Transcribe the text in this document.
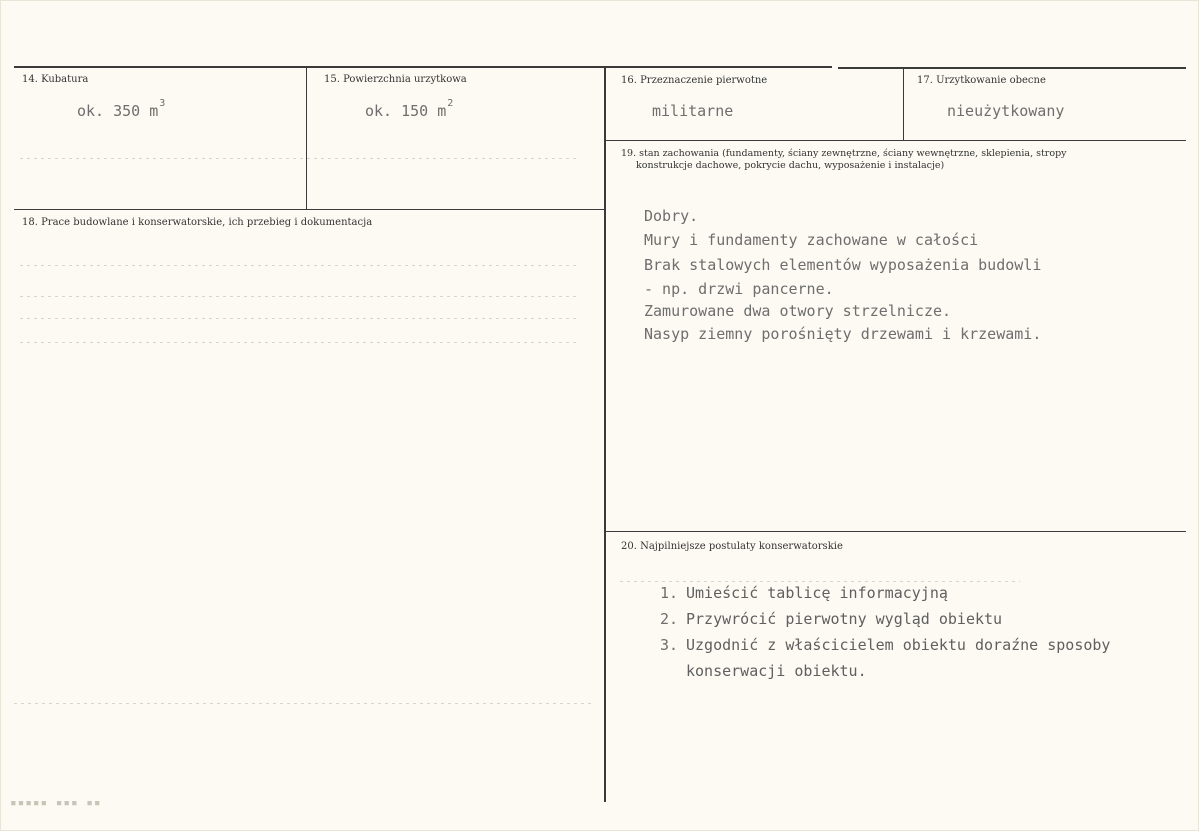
▪▪▪▪▪ ▪▪▪ ▪▪
14. Kubatura
ok. 350 $m^3$
15. Powierzchnia urzytkowa
ok. 150 $m^2$
16. Przeznaczenie pierwotne
militarne
17. Urzytkowanie obecne
nieużytkowany
18. Prace budowlane i konserwatorskie, ich przebieg i dokumentacja
19. stan zachowania (fundamenty, ściany zewnętrzne, ściany wewnętrzne, sklepienia, stropy
konstrukcje dachowe, pokrycie dachu, wyposażenie i instalacje)
Dobry.
Mury i fundamenty zachowane w całości
Brak stalowych elementów wyposażenia budowli
- np. drzwi pancerne.
Zamurowane dwa otwory strzelnicze.
Nasyp ziemny porośnięty drzewami i krzewami.
20. Najpilniejsze postulaty konserwatorskie
1. Umieścić tablicę informacyjną
2. Przywrócić pierwotny wygląd obiektu
3. Uzgodnić z właścicielem obiektu doraźne sposoby
konserwacji obiektu.
